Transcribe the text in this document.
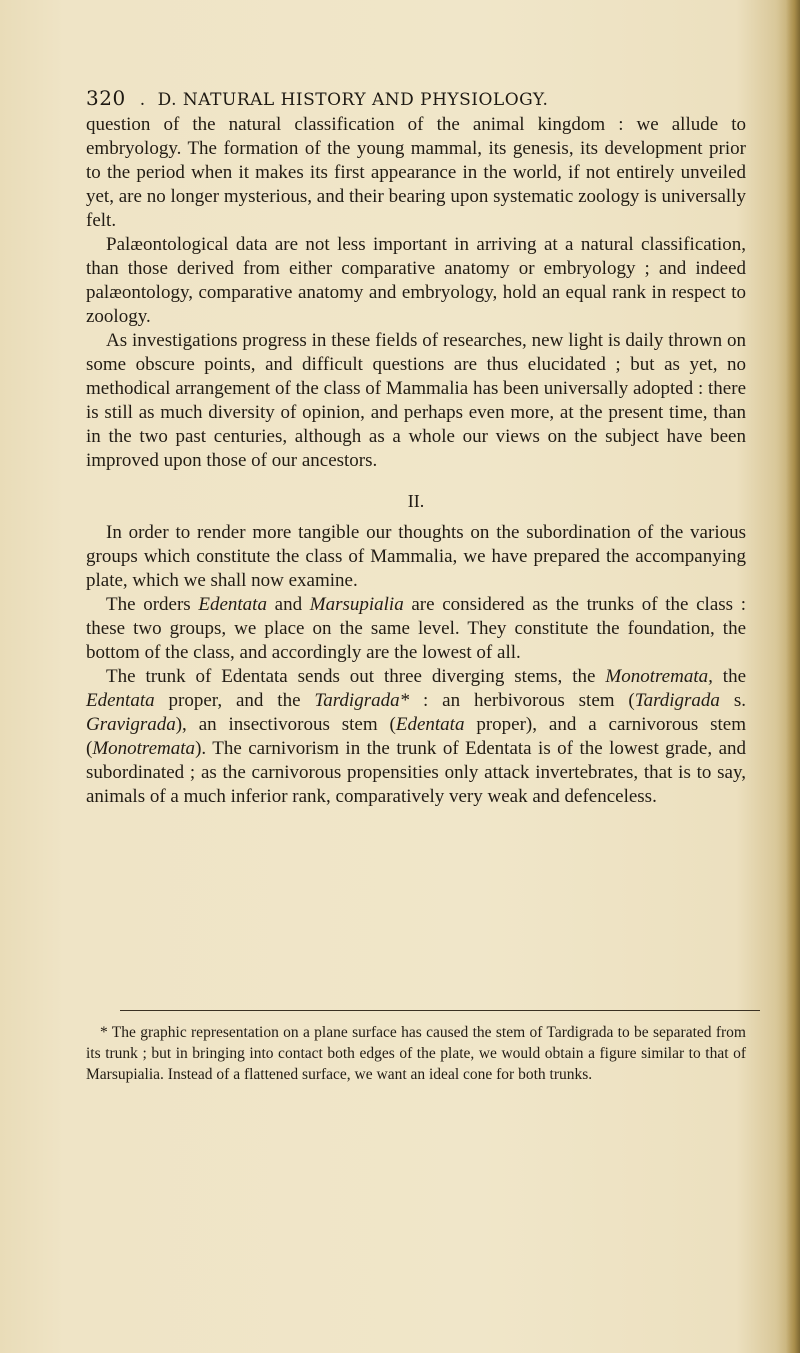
320 . D. NATURAL HISTORY AND PHYSIOLOGY.

question of the natural classification of the animal kingdom : we allude to embryology. The formation of the young mammal, its genesis, its development prior to the period when it makes its first appearance in the world, if not entirely unveiled yet, are no longer mysterious, and their bearing upon systematic zoology is universally felt.

Palæontological data are not less important in arriving at a natural classification, than those derived from either comparative anatomy or embryology ; and indeed palæontology, comparative anatomy and embryology, hold an equal rank in respect to zoology.

As investigations progress in these fields of researches, new light is daily thrown on some obscure points, and difficult questions are thus elucidated ; but as yet, no methodical arrangement of the class of Mammalia has been universally adopted : there is still as much diversity of opinion, and perhaps even more, at the present time, than in the two past centuries, although as a whole our views on the subject have been improved upon those of our ancestors.

II.

In order to render more tangible our thoughts on the subordination of the various groups which constitute the class of Mammalia, we have prepared the accompanying plate, which we shall now examine.

The orders Edentata and Marsupialia are considered as the trunks of the class : these two groups, we place on the same level. They constitute the foundation, the bottom of the class, and accordingly are the lowest of all.

The trunk of Edentata sends out three diverging stems, the Monotremata, the Edentata proper, and the Tardigrada* : an herbivorous stem (Tardigrada s. Gravigrada), an insectivorous stem (Edentata proper), and a carnivorous stem (Monotremata). The carnivorism in the trunk of Edentata is of the lowest grade, and subordinated ; as the carnivorous propensities only attack invertebrates, that is to say, animals of a much inferior rank, comparatively very weak and defenceless.

* The graphic representation on a plane surface has caused the stem of Tardigrada to be separated from its trunk ; but in bringing into contact both edges of the plate, we would obtain a figure similar to that of Marsupialia. Instead of a flattened surface, we want an ideal cone for both trunks.
